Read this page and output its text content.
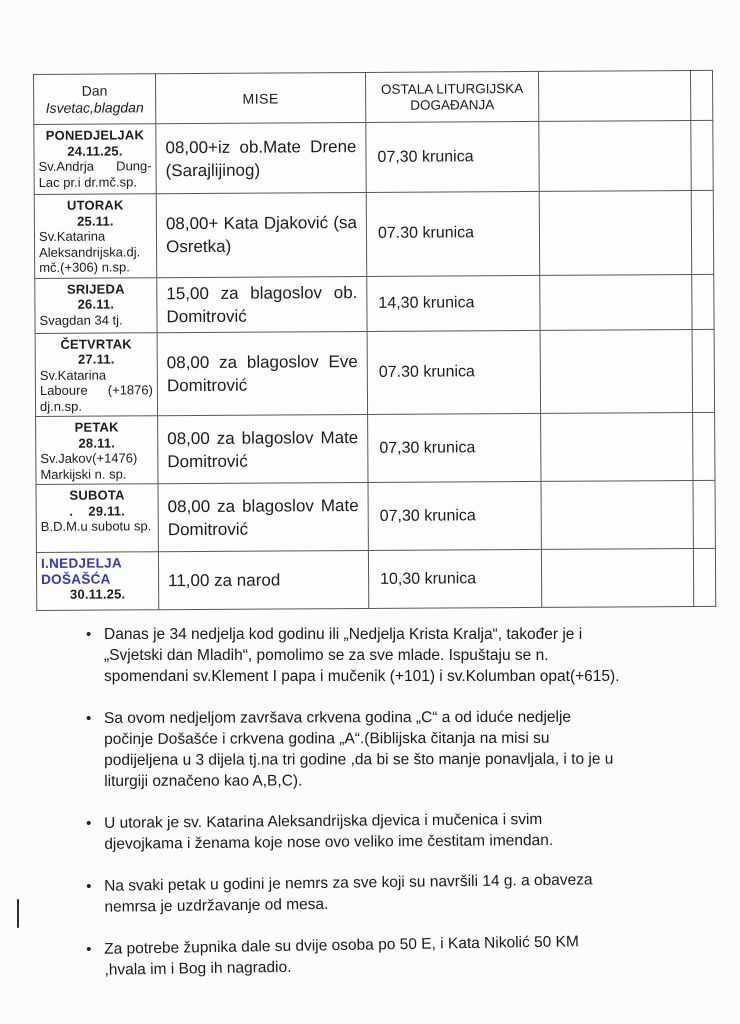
Dan
Isvetac,blagdan
	MISE	
OSTALA LITURGIJSKA
DOGAĐANJA

PONEDJELJAK
24.11.25.
Sv.Andrja Dung-Lac pr.i dr.mč.sp.	08,00+iz ob.Mate Drene (Sarajlijinog)	07,30 krunica		

UTORAK
25.11.
Sv.Katarina Aleksandrijska.dj. mč.(+306) n.sp.	08,00+ Kata Djaković (sa Osretka)	07.30 krunica		

SRIJEDA
26.11.
Svagdan 34 tj.	15,00 za blagoslov ob. Domitrović	14,30 krunica		

ČETVRTAK
27.11.
Sv.Katarina Laboure (+1876) dj.n.sp.	08,00 za blagoslov Eve Domitrović	07.30 krunica		

PETAK
28.11.
Sv.Jakov(+1476) Markijski n. sp.	08,00 za blagoslov Mate Domitrović	07,30 krunica		

SUBOTA
.    29.11.
B.D.M.u subotu sp.	08,00 za blagoslov Mate Domitrović	07,30 krunica		

I.NEDJELJA DOŠAŠĆA
30.11.25.	11,00 za narod	10,30 krunica		
• Danas je 34 nedjelja kod godinu ili „Nedjelja Krista Kralja“, također je i
„Svjetski dan Mladih“, pomolimo se za sve mlade. Ispuštaju se n.
spomendani sv.Klement I papa i mučenik (+101) i sv.Kolumban opat(+615).
• Sa ovom nedjeljom završava crkvena godina „C“ a od iduće nedjelje
počinje Došašće i crkvena godina „A“.(Biblijska čitanja na misi su
podijeljena u 3 dijela tj.na tri godine ,da bi se što manje ponavljala, i to je u
liturgiji označeno kao A,B,C).
• U utorak je sv. Katarina Aleksandrijska djevica i mučenica i svim
djevojkama i ženama koje nose ovo veliko ime čestitam imendan.
• Na svaki petak u godini je nemrs za sve koji su navršili 14 g. a obaveza
nemrsa je uzdržavanje od mesa.
• Za potrebe župnika dale su dvije osoba po 50 E, i Kata Nikolić 50 KM
,hvala im i Bog ih nagradio.
